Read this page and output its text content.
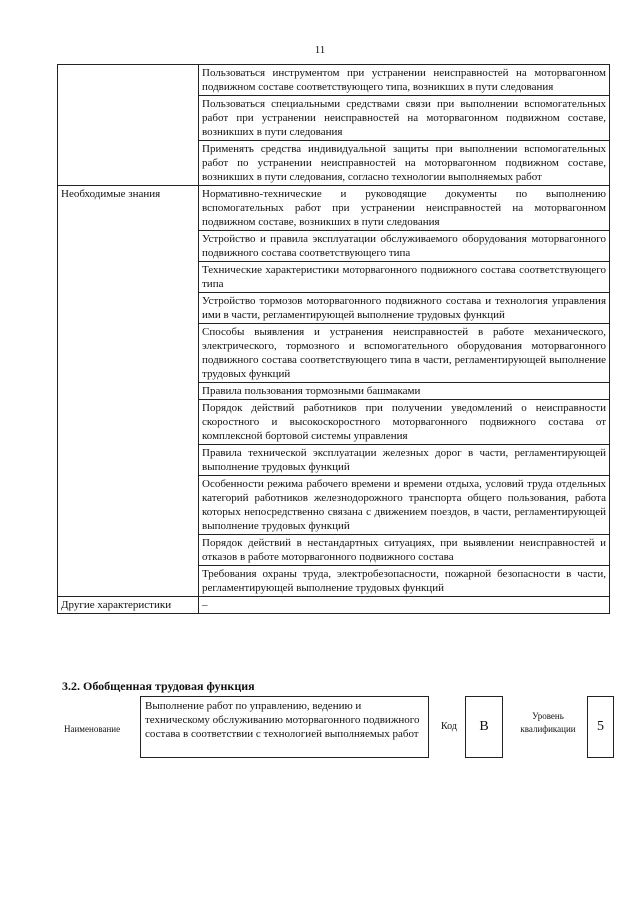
11
	Пользоваться инструментом при устранении неисправностей на моторвагонном подвижном составе соответствующего типа, возникших в пути следования
	Пользоваться специальными средствами связи при выполнении вспомогательных работ при устранении неисправностей на моторвагонном подвижном составе, возникших в пути следования
	Применять средства индивидуальной защиты при выполнении вспомогательных работ по устранении неисправностей на моторвагонном подвижном составе, возникших в пути следования, согласно технологии выполняемых работ
Необходимые знания	Нормативно-технические и руководящие документы по выполнению вспомогательных работ при устранении неисправностей на моторвагонном подвижном составе, возникших в пути следования
	Устройство и правила эксплуатации обслуживаемого оборудования моторвагонного подвижного состава соответствующего типа
	Технические характеристики моторвагонного подвижного состава соответствующего типа
	Устройство тормозов моторвагонного подвижного состава и технология управления ими в части, регламентирующей выполнение трудовых функций
	Способы выявления и устранения неисправностей в работе механического, электрического, тормозного и вспомогательного оборудования моторвагонного подвижного состава соответствующего типа в части, регламентирующей выполнение трудовых функций
	Правила пользования тормозными башмаками
	Порядок действий работников при получении уведомлений о неисправности скоростного и высокоскоростного моторвагонного подвижного состава от комплексной бортовой системы управления
	Правила технической эксплуатации железных дорог в части, регламентирующей выполнение трудовых функций
	Особенности режима рабочего времени и времени отдыха, условий труда отдельных категорий работников железнодорожного транспорта общего пользования, работа которых непосредственно связана с движением поездов, в части, регламентирующей выполнение трудовых функций
	Порядок действий в нестандартных ситуациях, при выявлении неисправностей и отказов в работе моторвагонного подвижного состава
	Требования охраны труда, электробезопасности, пожарной безопасности в части, регламентирующей выполнение трудовых функций
Другие характеристики	–
3.2. Обобщенная трудовая функция
Наименование
Выполнение работ по управлению, ведению и техническому обслуживанию моторвагонного подвижного состава в соответствии с технологией выполняемых работ
Код	B
Уровень квалификации	5
